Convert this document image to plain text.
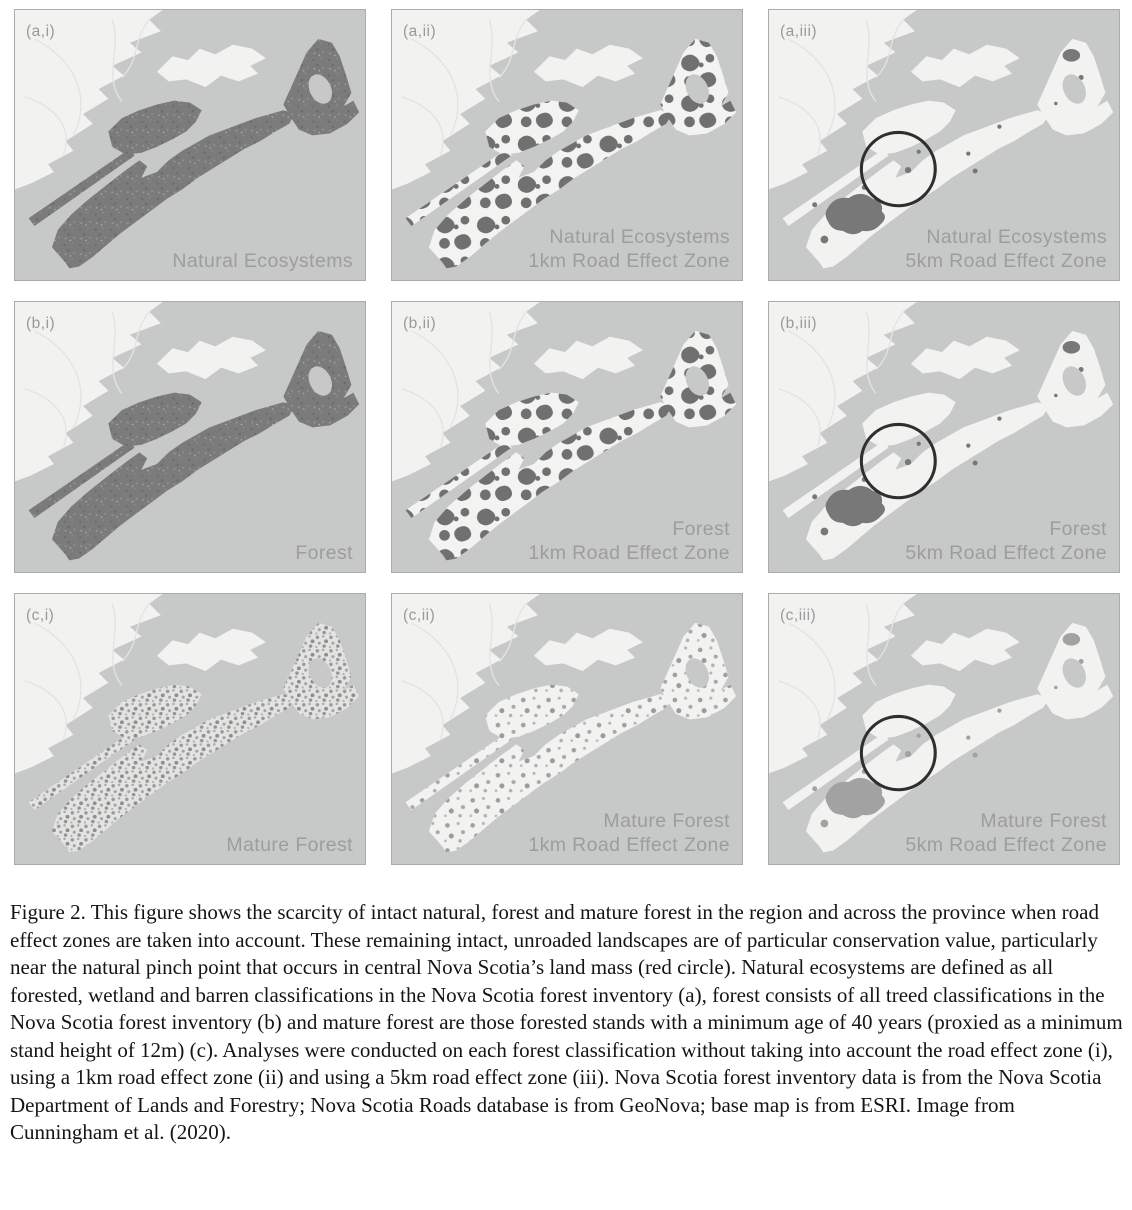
(a,i)
Natural Ecosystems
(a,ii)
Natural Ecosystems
1km Road Effect Zone
(a,iii)
Natural Ecosystems
5km Road Effect Zone
(b,i)
Forest
(b,ii)
Forest
1km Road Effect Zone
(b,iii)
Forest
5km Road Effect Zone
(c,i)
Mature Forest
(c,ii)
Mature Forest
1km Road Effect Zone
(c,iii)
Mature Forest
5km Road Effect Zone

Figure 2. This figure shows the scarcity of intact natural, forest and mature forest in the region and across the province when road effect zones are taken into account. These remaining intact, unroaded landscapes are of particular conservation value, particularly near the natural pinch point that occurs in central Nova Scotia’s land mass (red circle). Natural ecosystems are defined as all forested, wetland and barren classifications in the Nova Scotia forest inventory (a), forest consists of all treed classifications in the Nova Scotia forest inventory (b) and mature forest are those forested stands with a minimum age of 40 years (proxied as a minimum stand height of 12m) (c). Analyses were conducted on each forest classification without taking into account the road effect zone (i), using a 1km road effect zone (ii) and using a 5km road effect zone (iii). Nova Scotia forest inventory data is from the Nova Scotia Department of Lands and Forestry; Nova Scotia Roads database is from GeoNova; base map is from ESRI. Image from Cunningham et al. (2020).
